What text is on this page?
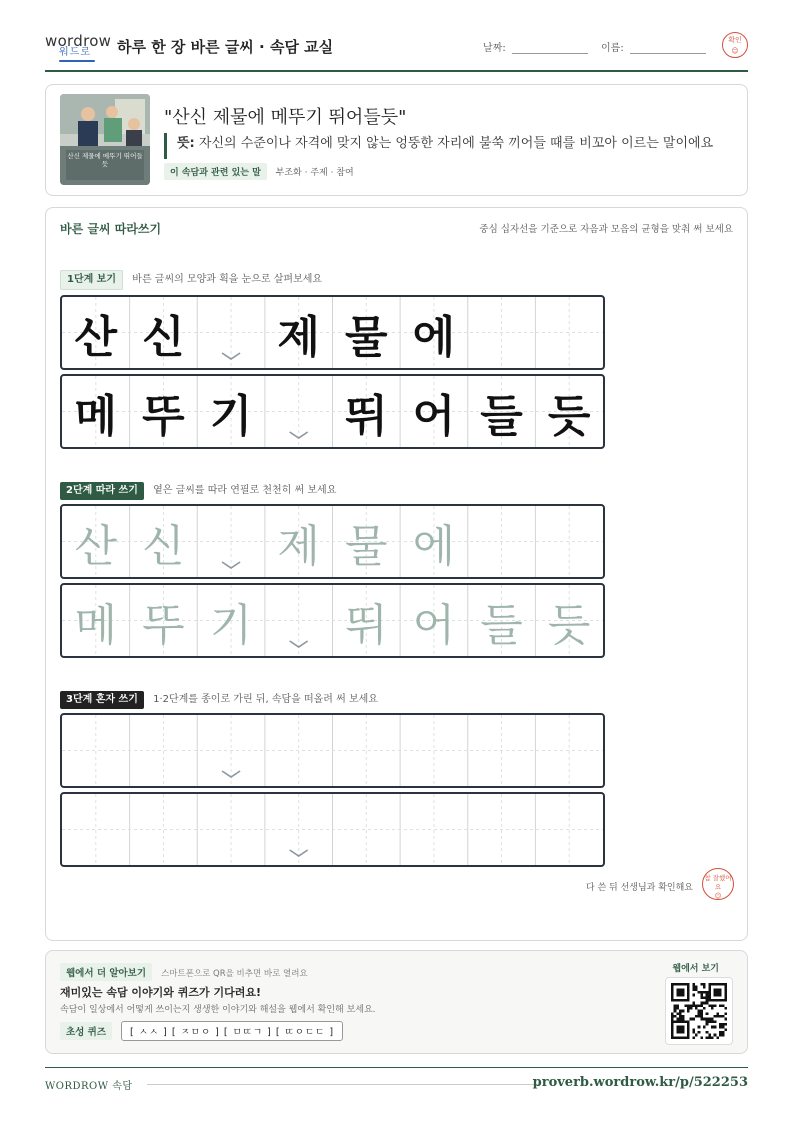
wordrow
워드로 하루 한 장 바른 글씨 · 속담 교실	날짜:	이름:
확인
☺
산신 제물에 메뚜기 뛰어들듯
"산신 제물에 메뚜기 뛰어들듯"
뜻: 자신의 수준이나 자격에 맞지 않는 엉뚱한 자리에 불쑥 끼어들 때를 비꼬아 이르는 말이에요
이 속담과 관련 있는 말 부조화 · 주제 · 참여
바른 글씨 따라쓰기	중심 십자선을 기준으로 자음과 모음의 균형을 맞춰 써 보세요
1단계 보기 바른 글씨의 모양과 획을 눈으로 살펴보세요
산 신 제 물 에
메 뚜 기 뛰 어 들 듯
2단계 따라 쓰기 옅은 글씨를 따라 연필로 천천히 써 보세요
산 신 제 물 에
메 뚜 기 뛰 어 들 듯
3단계 혼자 쓰기 1·2단계를 종이로 가린 뒤, 속담을 떠올려 써 보세요
다 쓴 뒤 선생님과 확인해요
참 잘했어요
☺
웹에서 더 알아보기 스마트폰으로 QR을 비추면 바로 열려요
재미있는 속담 이야기와 퀴즈가 기다려요!
속담이 일상에서 어떻게 쓰이는지 생생한 이야기와 해설을 웹에서 확인해 보세요.
초성 퀴즈	[ ㅅㅅ ] [ ㅈㅁㅇ ] [ ㅁㄸㄱ ] [ ㄸㅇㄷㄷ ]
웹에서 보기
WORDROW 속담	proverb.wordrow.kr/p/522253
